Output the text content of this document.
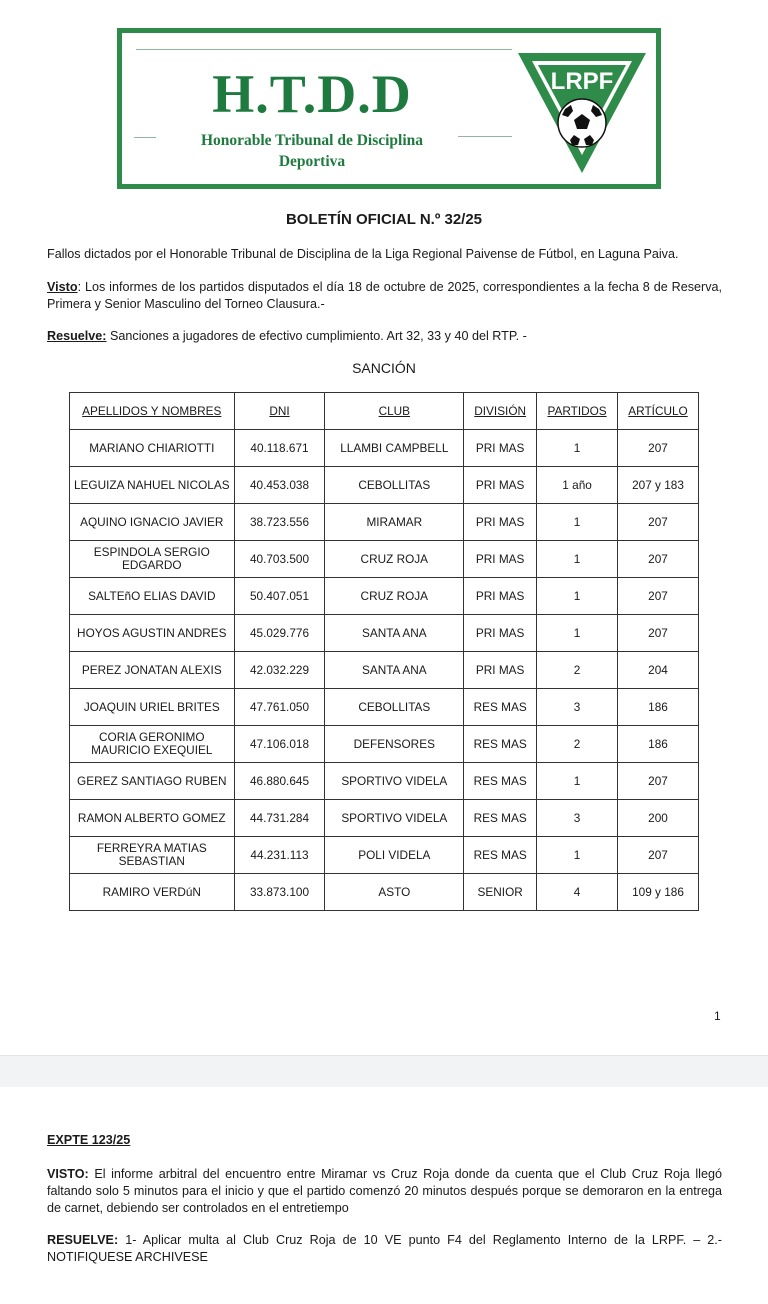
H.T.D.D
Honorable Tribunal de Disciplina
Deportiva
LRPF
BOLETÍN OFICIAL N.º 32/25
Fallos dictados por el Honorable Tribunal de Disciplina de la Liga Regional Paivense de Fútbol, en Laguna Paiva.
Visto: Los informes de los partidos disputados el día 18 de octubre de 2025, correspondientes a la fecha 8 de Reserva, Primera y Senior Masculino del Torneo Clausura.-
Resuelve: Sanciones a jugadores de efectivo cumplimiento. Art 32, 33 y 40 del RTP. -
SANCIÓN
APELLIDOS Y NOMBRES	DNI	CLUB	DIVISIÓN	PARTIDOS	ARTÍCULO
MARIANO CHIARIOTTI	40.118.671	LLAMBI CAMPBELL	PRI MAS	1	207
LEGUIZA NAHUEL NICOLAS	40.453.038	CEBOLLITAS	PRI MAS	1 año	207 y 183
AQUINO IGNACIO JAVIER	38.723.556	MIRAMAR	PRI MAS	1	207
ESPINDOLA SERGIO EDGARDO	40.703.500	CRUZ ROJA	PRI MAS	1	207
SALTEñO ELIAS DAVID	50.407.051	CRUZ ROJA	PRI MAS	1	207
HOYOS AGUSTIN ANDRES	45.029.776	SANTA ANA	PRI MAS	1	207
PEREZ JONATAN ALEXIS	42.032.229	SANTA ANA	PRI MAS	2	204
JOAQUIN URIEL BRITES	47.761.050	CEBOLLITAS	RES MAS	3	186
CORIA GERONIMO MAURICIO EXEQUIEL	47.106.018	DEFENSORES	RES MAS	2	186
GEREZ SANTIAGO RUBEN	46.880.645	SPORTIVO VIDELA	RES MAS	1	207
RAMON ALBERTO GOMEZ	44.731.284	SPORTIVO VIDELA	RES MAS	3	200
FERREYRA MATIAS SEBASTIAN	44.231.113	POLI VIDELA	RES MAS	1	207
RAMIRO VERDúN	33.873.100	ASTO	SENIOR	4	109 y 186
1
EXPTE 123/25
VISTO: El informe arbitral del encuentro entre Miramar vs Cruz Roja donde da cuenta que el Club Cruz Roja llegó faltando solo 5 minutos para el inicio y que el partido comenzó 20 minutos después porque se demoraron en la entrega de carnet, debiendo ser controlados en el entretiempo
RESUELVE: 1- Aplicar multa al Club Cruz Roja de 10 VE punto F4 del Reglamento Interno de la LRPF. – 2.- NOTIFIQUESE ARCHIVESE
